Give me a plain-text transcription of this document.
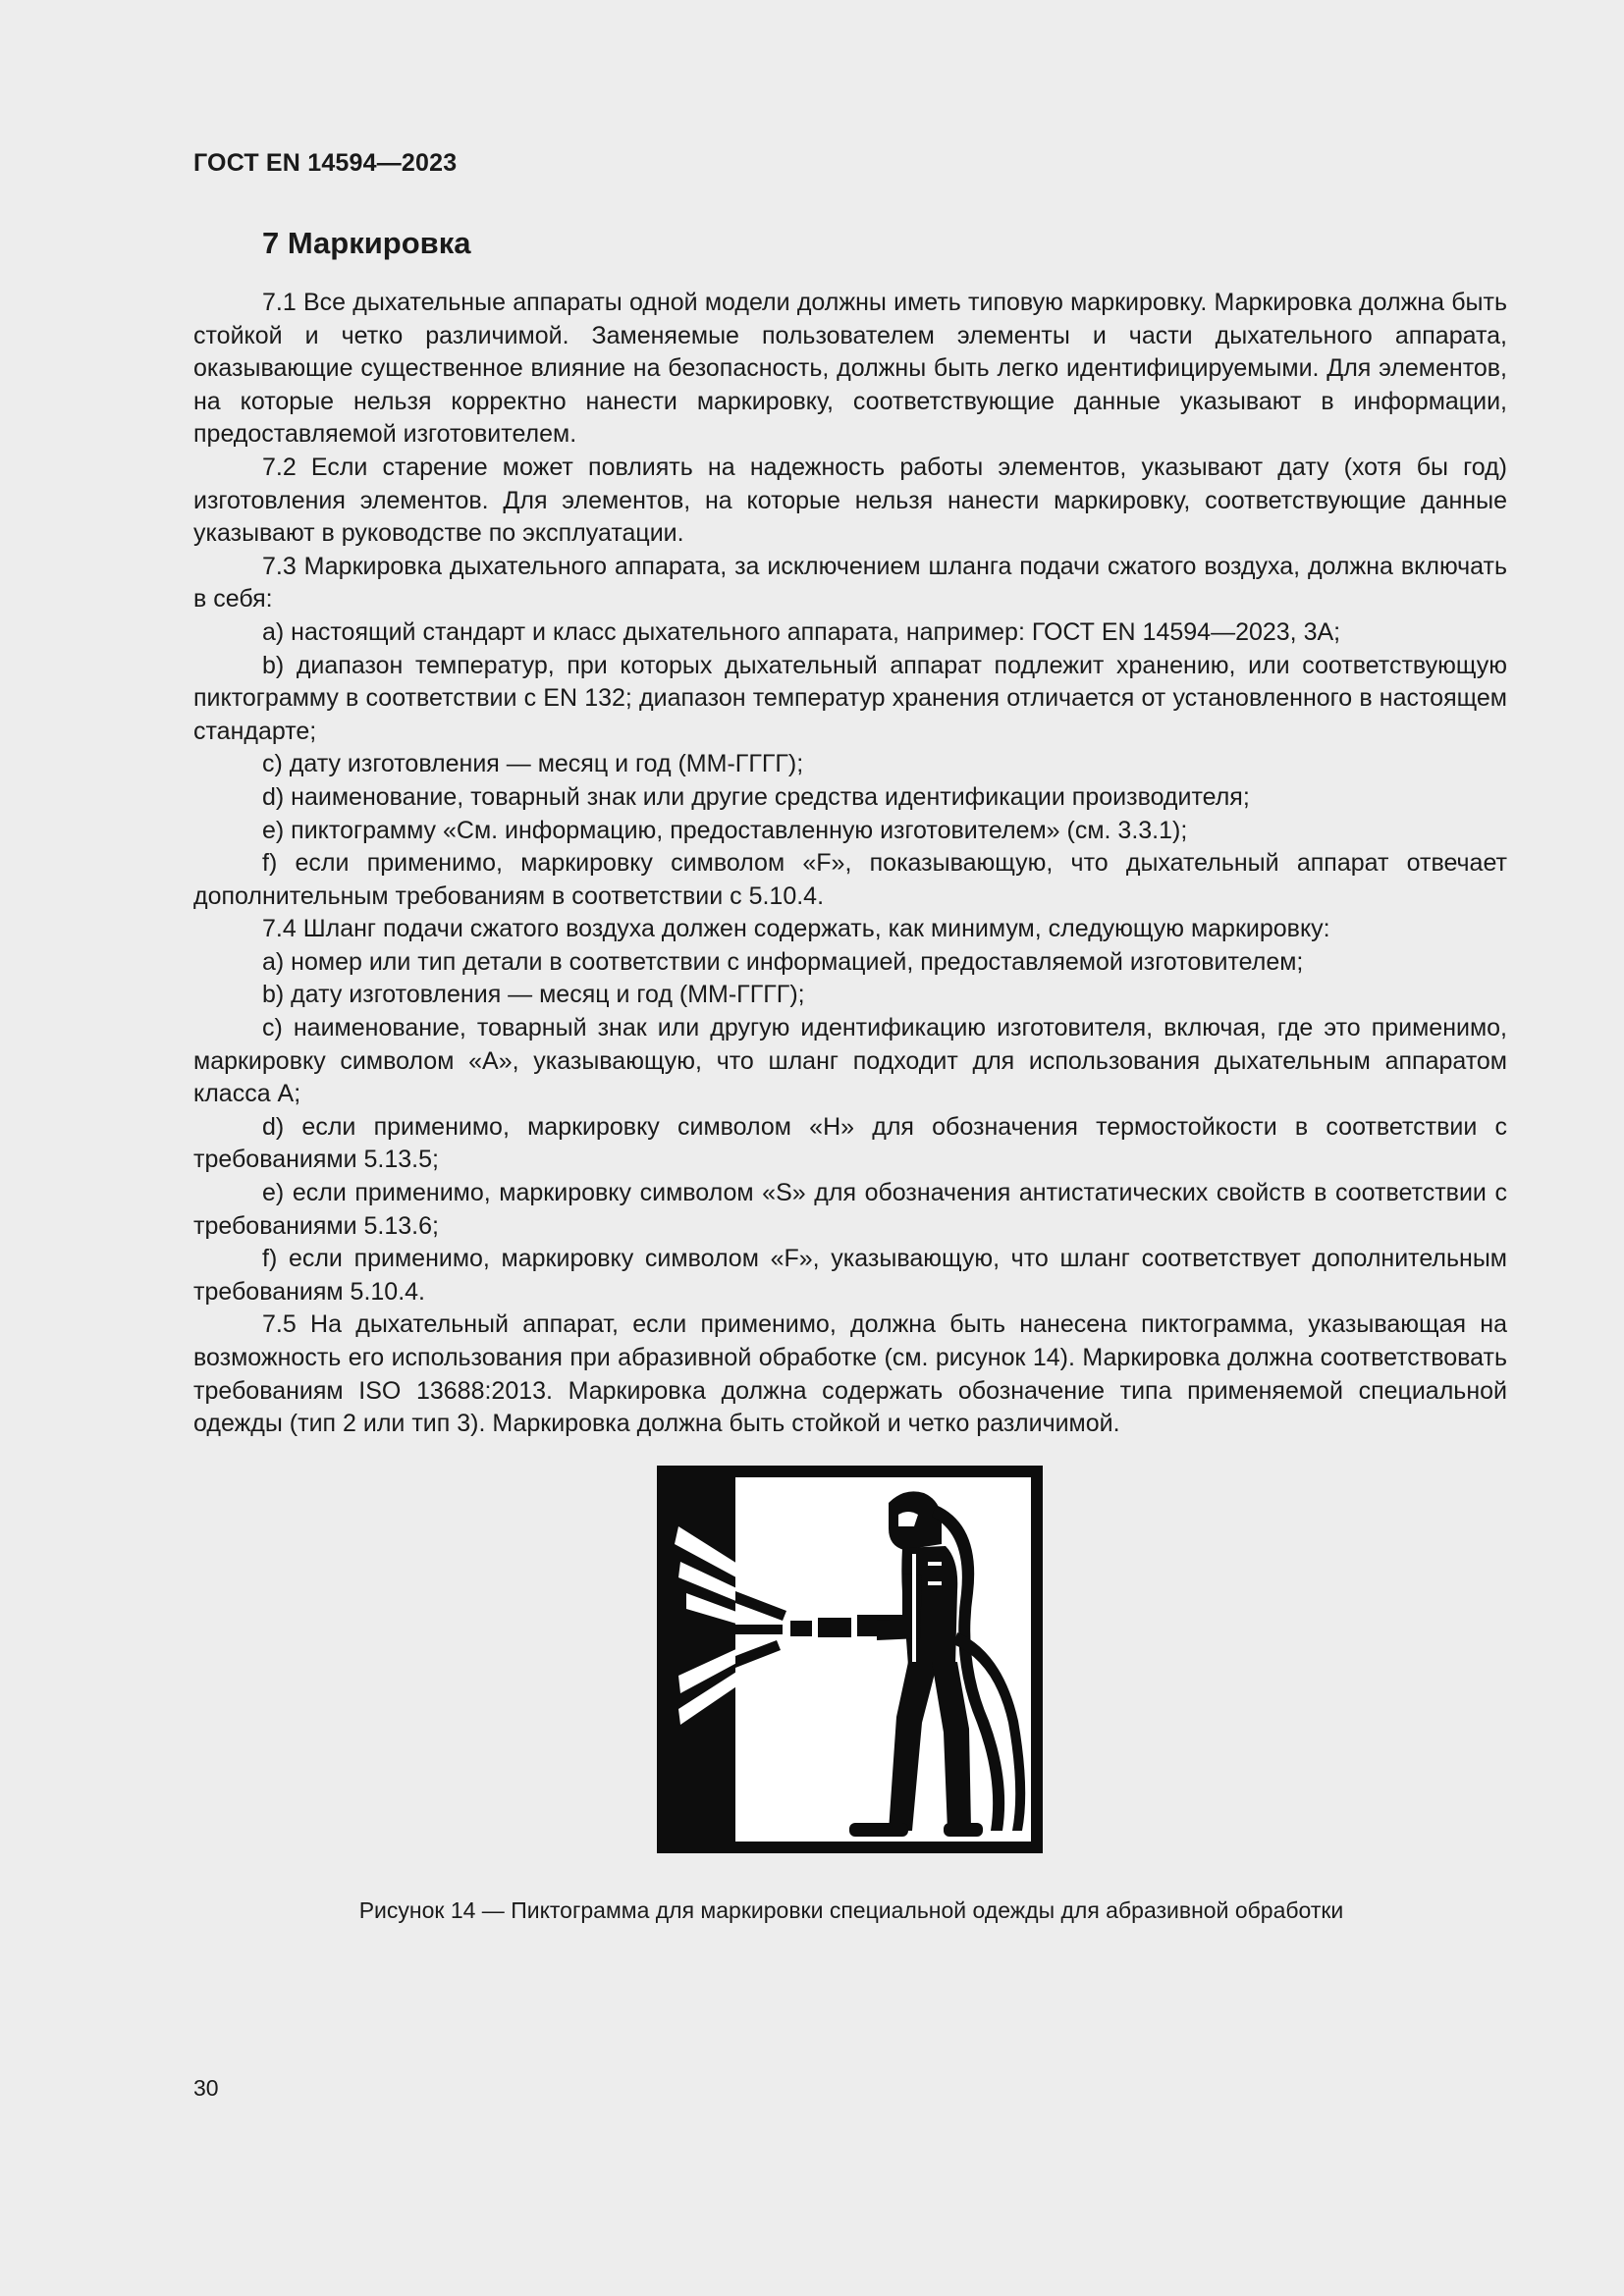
ГОСТ EN 14594—2023
7 Маркировка

7.1 Все дыхательные аппараты одной модели должны иметь типовую маркировку. Маркировка должна быть стойкой и четко различимой. Заменяемые пользователем элементы и части дыхательного аппарата, оказывающие существенное влияние на безопасность, должны быть легко идентифицируемыми. Для элементов, на которые нельзя корректно нанести маркировку, соответствующие данные указывают в информации, предоставляемой изготовителем.

7.2 Если старение может повлиять на надежность работы элементов, указывают дату (хотя бы год) изготовления элементов. Для элементов, на которые нельзя нанести маркировку, соответствующие данные указывают в руководстве по эксплуатации.

7.3 Маркировка дыхательного аппарата, за исключением шланга подачи сжатого воздуха, должна включать в себя:

a) настоящий стандарт и класс дыхательного аппарата, например: ГОСТ EN 14594—2023, 3А;

b) диапазон температур, при которых дыхательный аппарат подлежит хранению, или соответствующую пиктограмму в соответствии с EN 132; диапазон температур хранения отличается от установленного в настоящем стандарте;

c) дату изготовления — месяц и год (ММ-ГГГГ);

d) наименование, товарный знак или другие средства идентификации производителя;

e) пиктограмму «См. информацию, предоставленную изготовителем» (см. 3.3.1);

f) если применимо, маркировку символом «F», показывающую, что дыхательный аппарат отвечает дополнительным требованиям в соответствии с 5.10.4.

7.4 Шланг подачи сжатого воздуха должен содержать, как минимум, следующую маркировку:

a) номер или тип детали в соответствии с информацией, предоставляемой изготовителем;

b) дату изготовления — месяц и год (ММ-ГГГГ);

c) наименование, товарный знак или другую идентификацию изготовителя, включая, где это применимо, маркировку символом «А», указывающую, что шланг подходит для использования дыхательным аппаратом класса А;

d) если применимо, маркировку символом «Н» для обозначения термостойкости в соответствии с требованиями 5.13.5;

e) если применимо, маркировку символом «S» для обозначения антистатических свойств в соответствии с требованиями 5.13.6;

f) если применимо, маркировку символом «F», указывающую, что шланг соответствует дополнительным требованиям 5.10.4.

7.5 На дыхательный аппарат, если применимо, должна быть нанесена пиктограмма, указывающая на возможность его использования при абразивной обработке (см. рисунок 14). Маркировка должна соответствовать требованиям ISO 13688:2013. Маркировка должна содержать обозначение типа применяемой специальной одежды (тип 2 или тип 3). Маркировка должна быть стойкой и четко различимой.

Рисунок 14 — Пиктограмма для маркировки специальной одежды для абразивной обработки
30
